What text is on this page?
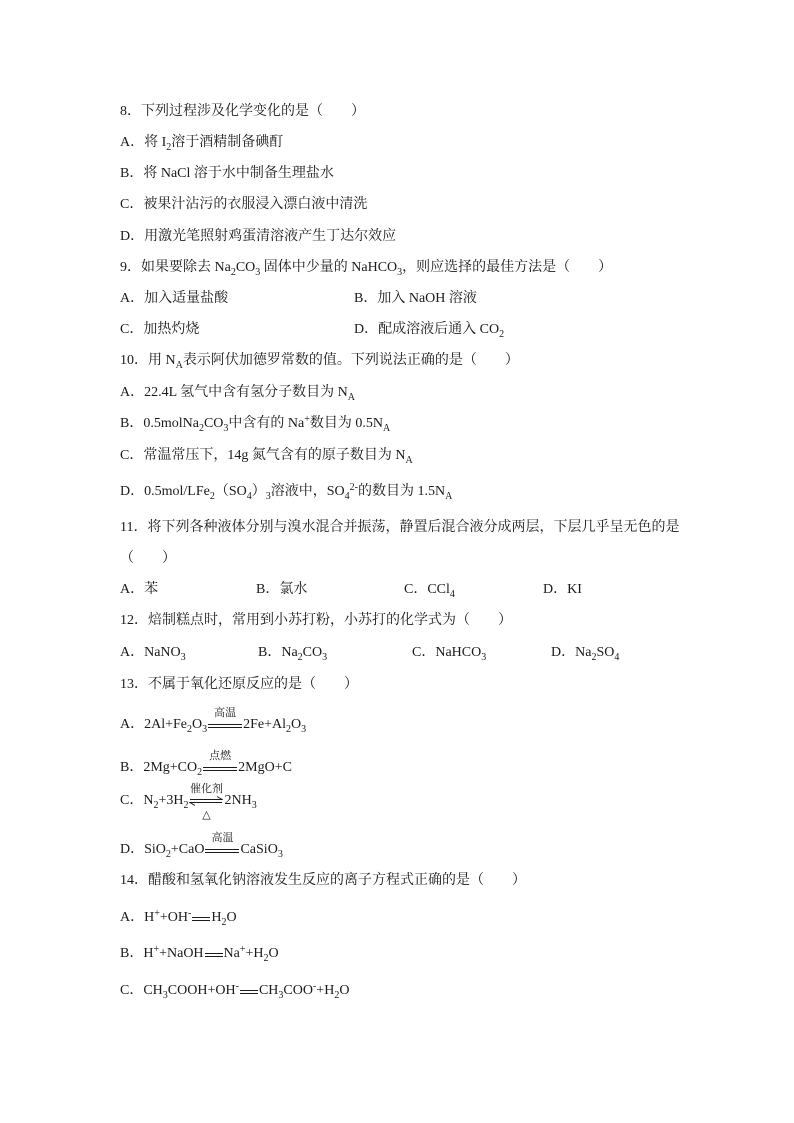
8．下列过程涉及化学变化的是（　　）
A．将 $I_2$溶于酒精制备碘酊
B．将 NaCl 溶于水中制备生理盐水
C．被果汁沾污的衣服浸入漂白液中清洗
D．用激光笔照射鸡蛋清溶液产生丁达尔效应
9．如果要除去 $Na_2CO_3$ 固体中少量的 NaHCO$_3$，则应选择的最佳方法是（　　）
A．加入适量盐酸	B．加入 NaOH 溶液
C．加热灼烧	D．配成溶液后通入 $CO_2$
10．用 $N_A$表示阿伏加德罗常数的值。下列说法正确的是（　　）
A．22.4L 氢气中含有氢分子数目为 $N_A$
B．$0.5molNa_2CO_3$中含有的 Na+数目为 $0.5N_A$
C．常温常压下，14g 氮气含有的原子数目为 $N_A$
D．$0.5mol/LFe_2(SO_4)_3$溶液中，$SO_4^{2-}$的数目为 $1.5N_A$
11．将下列各种液体分别与溴水混合并振荡，静置后混合液分成两层，下层几乎呈无色的是
（　　）
A．苯	B．氯水	C．CCl$_4$	D．KI
12．焙制糕点时，常用到小苏打粉，小苏打的化学式为（　　）
A．NaNO$_3$	B．$Na_2CO_3$	C．NaHCO$_3$	D．$Na_2SO_4$
13．不属于氧化还原反应的是（　　）
A．$2Al+Fe_2O_3$
高温
$2Fe+Al_2O_3$
B．$2Mg+CO_2$
点燃
2MgO+C
C．$N_2+3H_2$
催化剂
△
$2NH_3$
D．SiO$_2$+CaO
高温
CaSiO$_3$
14．醋酸和氢氧化钠溶液发生反应的离子方程式正确的是（　　）
A．H++OH- $H_2O$
B．H++NaOH $Na^++H_2O$
C．$CH_3COOH+OH^-$ $CH_3COO^-+H_2O$
